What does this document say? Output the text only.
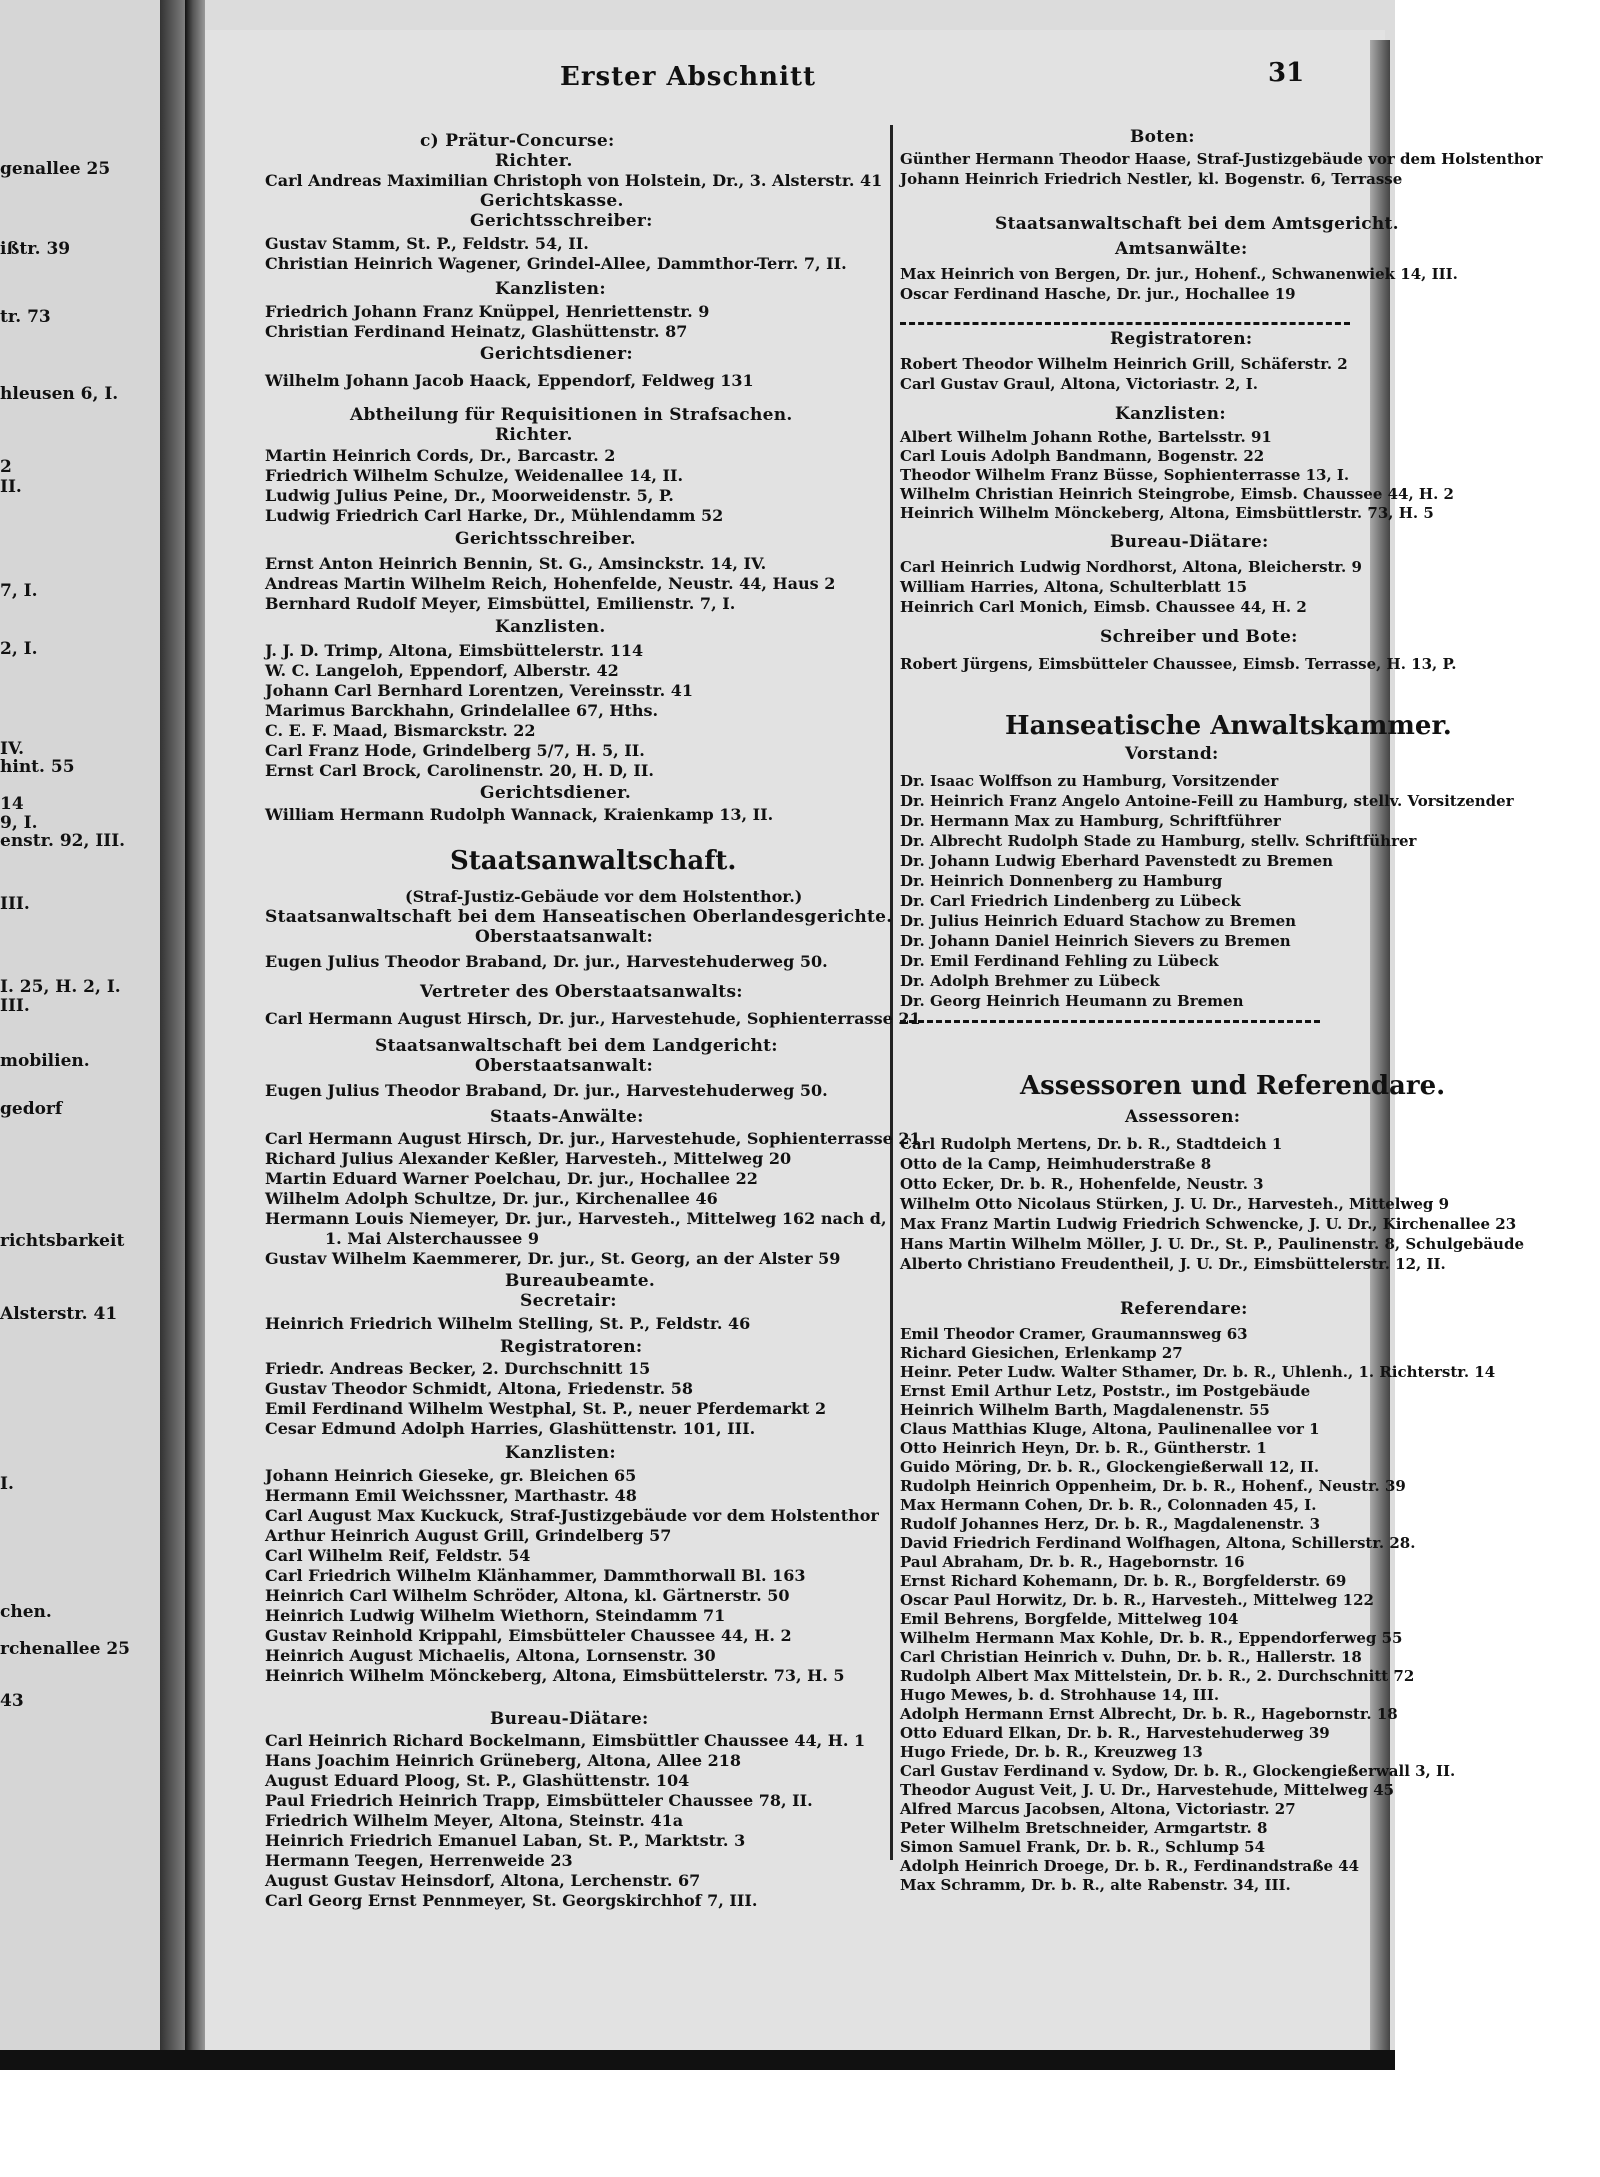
genallee 25
ißtr. 39
tr. 73
hleusen 6, I.
2
II.
7, I.
2, I.
IV.
hint. 55
14
9, I.
enstr. 92, III.
III.
I. 25, H. 2, I.
III.
mobilien.
gedorf
richtsbarkeit
Alsterstr. 41
I.
chen.
rchenallee 25
43
Erster Abschnitt	31
c) Prätur-Concurse:
Richter.
Carl Andreas Maximilian Christoph von Holstein, Dr., 3. Alsterstr. 41
Gerichtskasse.
Gerichtsschreiber:
Gustav Stamm, St. P., Feldstr. 54, II.
Christian Heinrich Wagener, Grindel-Allee, Dammthor-Terr. 7, II.
Kanzlisten:
Friedrich Johann Franz Knüppel, Henriettenstr. 9
Christian Ferdinand Heinatz, Glashüttenstr. 87
Gerichtsdiener:
Wilhelm Johann Jacob Haack, Eppendorf, Feldweg 131
Abtheilung für Requisitionen in Strafsachen.
Richter.
Martin Heinrich Cords, Dr., Barcastr. 2
Friedrich Wilhelm Schulze, Weidenallee 14, II.
Ludwig Julius Peine, Dr., Moorweidenstr. 5, P.
Ludwig Friedrich Carl Harke, Dr., Mühlendamm 52
Gerichtsschreiber.
Ernst Anton Heinrich Bennin, St. G., Amsinckstr. 14, IV.
Andreas Martin Wilhelm Reich, Hohenfelde, Neustr. 44, Haus 2
Bernhard Rudolf Meyer, Eimsbüttel, Emilienstr. 7, I.
Kanzlisten.
J. J. D. Trimp, Altona, Eimsbüttelerstr. 114
W. C. Langeloh, Eppendorf, Alberstr. 42
Johann Carl Bernhard Lorentzen, Vereinsstr. 41
Marimus Barckhahn, Grindelallee 67, Hths.
C. E. F. Maad, Bismarckstr. 22
Carl Franz Hode, Grindelberg 5/7, H. 5, II.
Ernst Carl Brock, Carolinenstr. 20, H. D, II.
Gerichtsdiener.
William Hermann Rudolph Wannack, Kraienkamp 13, II.
Staatsanwaltschaft.
(Straf-Justiz-Gebäude vor dem Holstenthor.)
Staatsanwaltschaft bei dem Hanseatischen Oberlandesgerichte.
Oberstaatsanwalt:
Eugen Julius Theodor Braband, Dr. jur., Harvestehuderweg 50.
Vertreter des Oberstaatsanwalts:
Carl Hermann August Hirsch, Dr. jur., Harvestehude, Sophienterrasse 21
Staatsanwaltschaft bei dem Landgericht:
Oberstaatsanwalt:
Eugen Julius Theodor Braband, Dr. jur., Harvestehuderweg 50.
Staats-Anwälte:
Carl Hermann August Hirsch, Dr. jur., Harvestehude, Sophienterrasse 21
Richard Julius Alexander Keßler, Harvesteh., Mittelweg 20
Martin Eduard Warner Poelchau, Dr. jur., Hochallee 22
Wilhelm Adolph Schultze, Dr. jur., Kirchenallee 46
Hermann Louis Niemeyer, Dr. jur., Harvesteh., Mittelweg 162 nach d,
1. Mai Alsterchaussee 9
Gustav Wilhelm Kaemmerer, Dr. jur., St. Georg, an der Alster 59
Bureaubeamte.
Secretair:
Heinrich Friedrich Wilhelm Stelling, St. P., Feldstr. 46
Registratoren:
Friedr. Andreas Becker, 2. Durchschnitt 15
Gustav Theodor Schmidt, Altona, Friedenstr. 58
Emil Ferdinand Wilhelm Westphal, St. P., neuer Pferdemarkt 2
Cesar Edmund Adolph Harries, Glashüttenstr. 101, III.
Kanzlisten:
Johann Heinrich Gieseke, gr. Bleichen 65
Hermann Emil Weichssner, Marthastr. 48
Carl August Max Kuckuck, Straf-Justizgebäude vor dem Holstenthor
Arthur Heinrich August Grill, Grindelberg 57
Carl Wilhelm Reif, Feldstr. 54
Carl Friedrich Wilhelm Klänhammer, Dammthorwall Bl. 163
Heinrich Carl Wilhelm Schröder, Altona, kl. Gärtnerstr. 50
Heinrich Ludwig Wilhelm Wiethorn, Steindamm 71
Gustav Reinhold Krippahl, Eimsbütteler Chaussee 44, H. 2
Heinrich August Michaelis, Altona, Lornsenstr. 30
Heinrich Wilhelm Mönckeberg, Altona, Eimsbüttelerstr. 73, H. 5
Bureau-Diätare:
Carl Heinrich Richard Bockelmann, Eimsbüttler Chaussee 44, H. 1
Hans Joachim Heinrich Grüneberg, Altona, Allee 218
August Eduard Ploog, St. P., Glashüttenstr. 104
Paul Friedrich Heinrich Trapp, Eimsbütteler Chaussee 78, II.
Friedrich Wilhelm Meyer, Altona, Steinstr. 41a
Heinrich Friedrich Emanuel Laban, St. P., Marktstr. 3
Hermann Teegen, Herrenweide 23
August Gustav Heinsdorf, Altona, Lerchenstr. 67
Carl Georg Ernst Pennmeyer, St. Georgskirchhof 7, III.
Boten:
Günther Hermann Theodor Haase, Straf-Justizgebäude vor dem Holstenthor
Johann Heinrich Friedrich Nestler, kl. Bogenstr. 6, Terrasse
Staatsanwaltschaft bei dem Amtsgericht.
Amtsanwälte:
Max Heinrich von Bergen, Dr. jur., Hohenf., Schwanenwiek 14, III.
Oscar Ferdinand Hasche, Dr. jur., Hochallee 19
Registratoren:
Robert Theodor Wilhelm Heinrich Grill, Schäferstr. 2
Carl Gustav Graul, Altona, Victoriastr. 2, I.
Kanzlisten:
Albert Wilhelm Johann Rothe, Bartelsstr. 91
Carl Louis Adolph Bandmann, Bogenstr. 22
Theodor Wilhelm Franz Büsse, Sophienterrasse 13, I.
Wilhelm Christian Heinrich Steingrobe, Eimsb. Chaussee 44, H. 2
Heinrich Wilhelm Mönckeberg, Altona, Eimsbüttlerstr. 73, H. 5
Bureau-Diätare:
Carl Heinrich Ludwig Nordhorst, Altona, Bleicherstr. 9
William Harries, Altona, Schulterblatt 15
Heinrich Carl Monich, Eimsb. Chaussee 44, H. 2
Schreiber und Bote:
Robert Jürgens, Eimsbütteler Chaussee, Eimsb. Terrasse, H. 13, P.
Hanseatische Anwaltskammer.
Vorstand:
Dr. Isaac Wolffson zu Hamburg, Vorsitzender
Dr. Heinrich Franz Angelo Antoine-Feill zu Hamburg, stellv. Vorsitzender
Dr. Hermann Max zu Hamburg, Schriftführer
Dr. Albrecht Rudolph Stade zu Hamburg, stellv. Schriftführer
Dr. Johann Ludwig Eberhard Pavenstedt zu Bremen
Dr. Heinrich Donnenberg zu Hamburg
Dr. Carl Friedrich Lindenberg zu Lübeck
Dr. Julius Heinrich Eduard Stachow zu Bremen
Dr. Johann Daniel Heinrich Sievers zu Bremen
Dr. Emil Ferdinand Fehling zu Lübeck
Dr. Adolph Brehmer zu Lübeck
Dr. Georg Heinrich Heumann zu Bremen
Assessoren und Referendare.
Assessoren:
Carl Rudolph Mertens, Dr. b. R., Stadtdeich 1
Otto de la Camp, Heimhuderstraße 8
Otto Ecker, Dr. b. R., Hohenfelde, Neustr. 3
Wilhelm Otto Nicolaus Stürken, J. U. Dr., Harvesteh., Mittelweg 9
Max Franz Martin Ludwig Friedrich Schwencke, J. U. Dr., Kirchenallee 23
Hans Martin Wilhelm Möller, J. U. Dr., St. P., Paulinenstr. 8, Schulgebäude
Alberto Christiano Freudentheil, J. U. Dr., Eimsbüttelerstr. 12, II.
Referendare:
Emil Theodor Cramer, Graumannsweg 63
Richard Giesichen, Erlenkamp 27
Heinr. Peter Ludw. Walter Sthamer, Dr. b. R., Uhlenh., 1. Richterstr. 14
Ernst Emil Arthur Letz, Poststr., im Postgebäude
Heinrich Wilhelm Barth, Magdalenenstr. 55
Claus Matthias Kluge, Altona, Paulinenallee vor 1
Otto Heinrich Heyn, Dr. b. R., Güntherstr. 1
Guido Möring, Dr. b. R., Glockengießerwall 12, II.
Rudolph Heinrich Oppenheim, Dr. b. R., Hohenf., Neustr. 39
Max Hermann Cohen, Dr. b. R., Colonnaden 45, I.
Rudolf Johannes Herz, Dr. b. R., Magdalenenstr. 3
David Friedrich Ferdinand Wolfhagen, Altona, Schillerstr. 28.
Paul Abraham, Dr. b. R., Hagebornstr. 16
Ernst Richard Kohemann, Dr. b. R., Borgfelderstr. 69
Oscar Paul Horwitz, Dr. b. R., Harvesteh., Mittelweg 122
Emil Behrens, Borgfelde, Mittelweg 104
Wilhelm Hermann Max Kohle, Dr. b. R., Eppendorferweg 55
Carl Christian Heinrich v. Duhn, Dr. b. R., Hallerstr. 18
Rudolph Albert Max Mittelstein, Dr. b. R., 2. Durchschnitt 72
Hugo Mewes, b. d. Strohhause 14, III.
Adolph Hermann Ernst Albrecht, Dr. b. R., Hagebornstr. 18
Otto Eduard Elkan, Dr. b. R., Harvestehuderweg 39
Hugo Friede, Dr. b. R., Kreuzweg 13
Carl Gustav Ferdinand v. Sydow, Dr. b. R., Glockengießerwall 3, II.
Theodor August Veit, J. U. Dr., Harvestehude, Mittelweg 45
Alfred Marcus Jacobsen, Altona, Victoriastr. 27
Peter Wilhelm Bretschneider, Armgartstr. 8
Simon Samuel Frank, Dr. b. R., Schlump 54
Adolph Heinrich Droege, Dr. b. R., Ferdinandstraße 44
Max Schramm, Dr. b. R., alte Rabenstr. 34, III.
